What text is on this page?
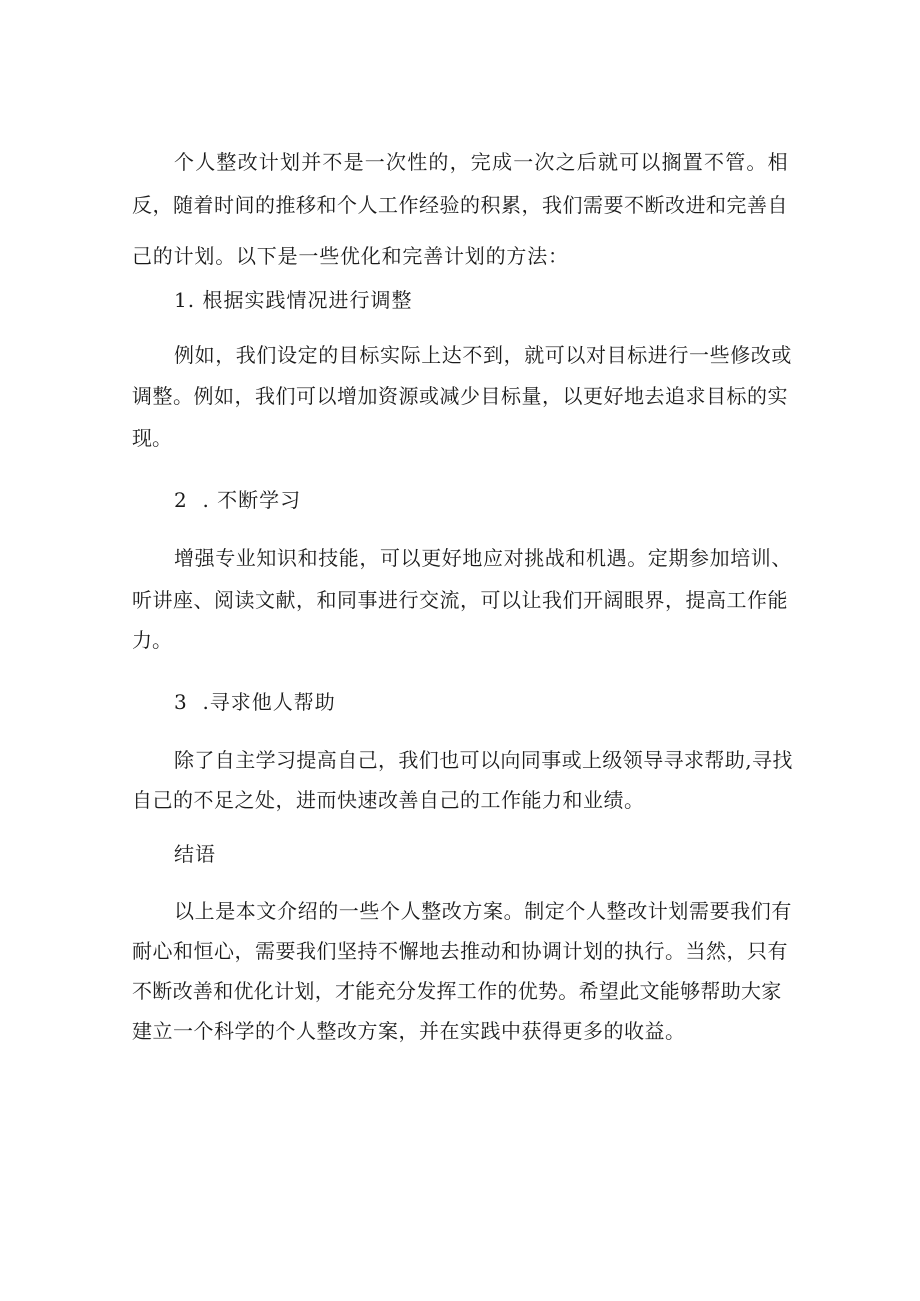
个人整改计划并不是一次性的，完成一次之后就可以搁置不管。相

反，随着时间的推移和个人工作经验的积累，我们需要不断改进和完善自

己的计划。以下是一些优化和完善计划的方法：

1. 根据实践情况进行调整

例如，我们设定的目标实际上达不到，就可以对目标进行一些修改或

调整。例如，我们可以增加资源或减少目标量，以更好地去追求目标的实

现。

2  . 不断学习

增强专业知识和技能，可以更好地应对挑战和机遇。定期参加培训、

听讲座、阅读文献，和同事进行交流，可以让我们开阔眼界，提高工作能

力。

3  .寻求他人帮助

除了自主学习提高自己，我们也可以向同事或上级领导寻求帮助,寻找

自己的不足之处，进而快速改善自己的工作能力和业绩。

结语

以上是本文介绍的一些个人整改方案。制定个人整改计划需要我们有

耐心和恒心，需要我们坚持不懈地去推动和协调计划的执行。当然，只有

不断改善和优化计划，才能充分发挥工作的优势。希望此文能够帮助大家

建立一个科学的个人整改方案，并在实践中获得更多的收益。
